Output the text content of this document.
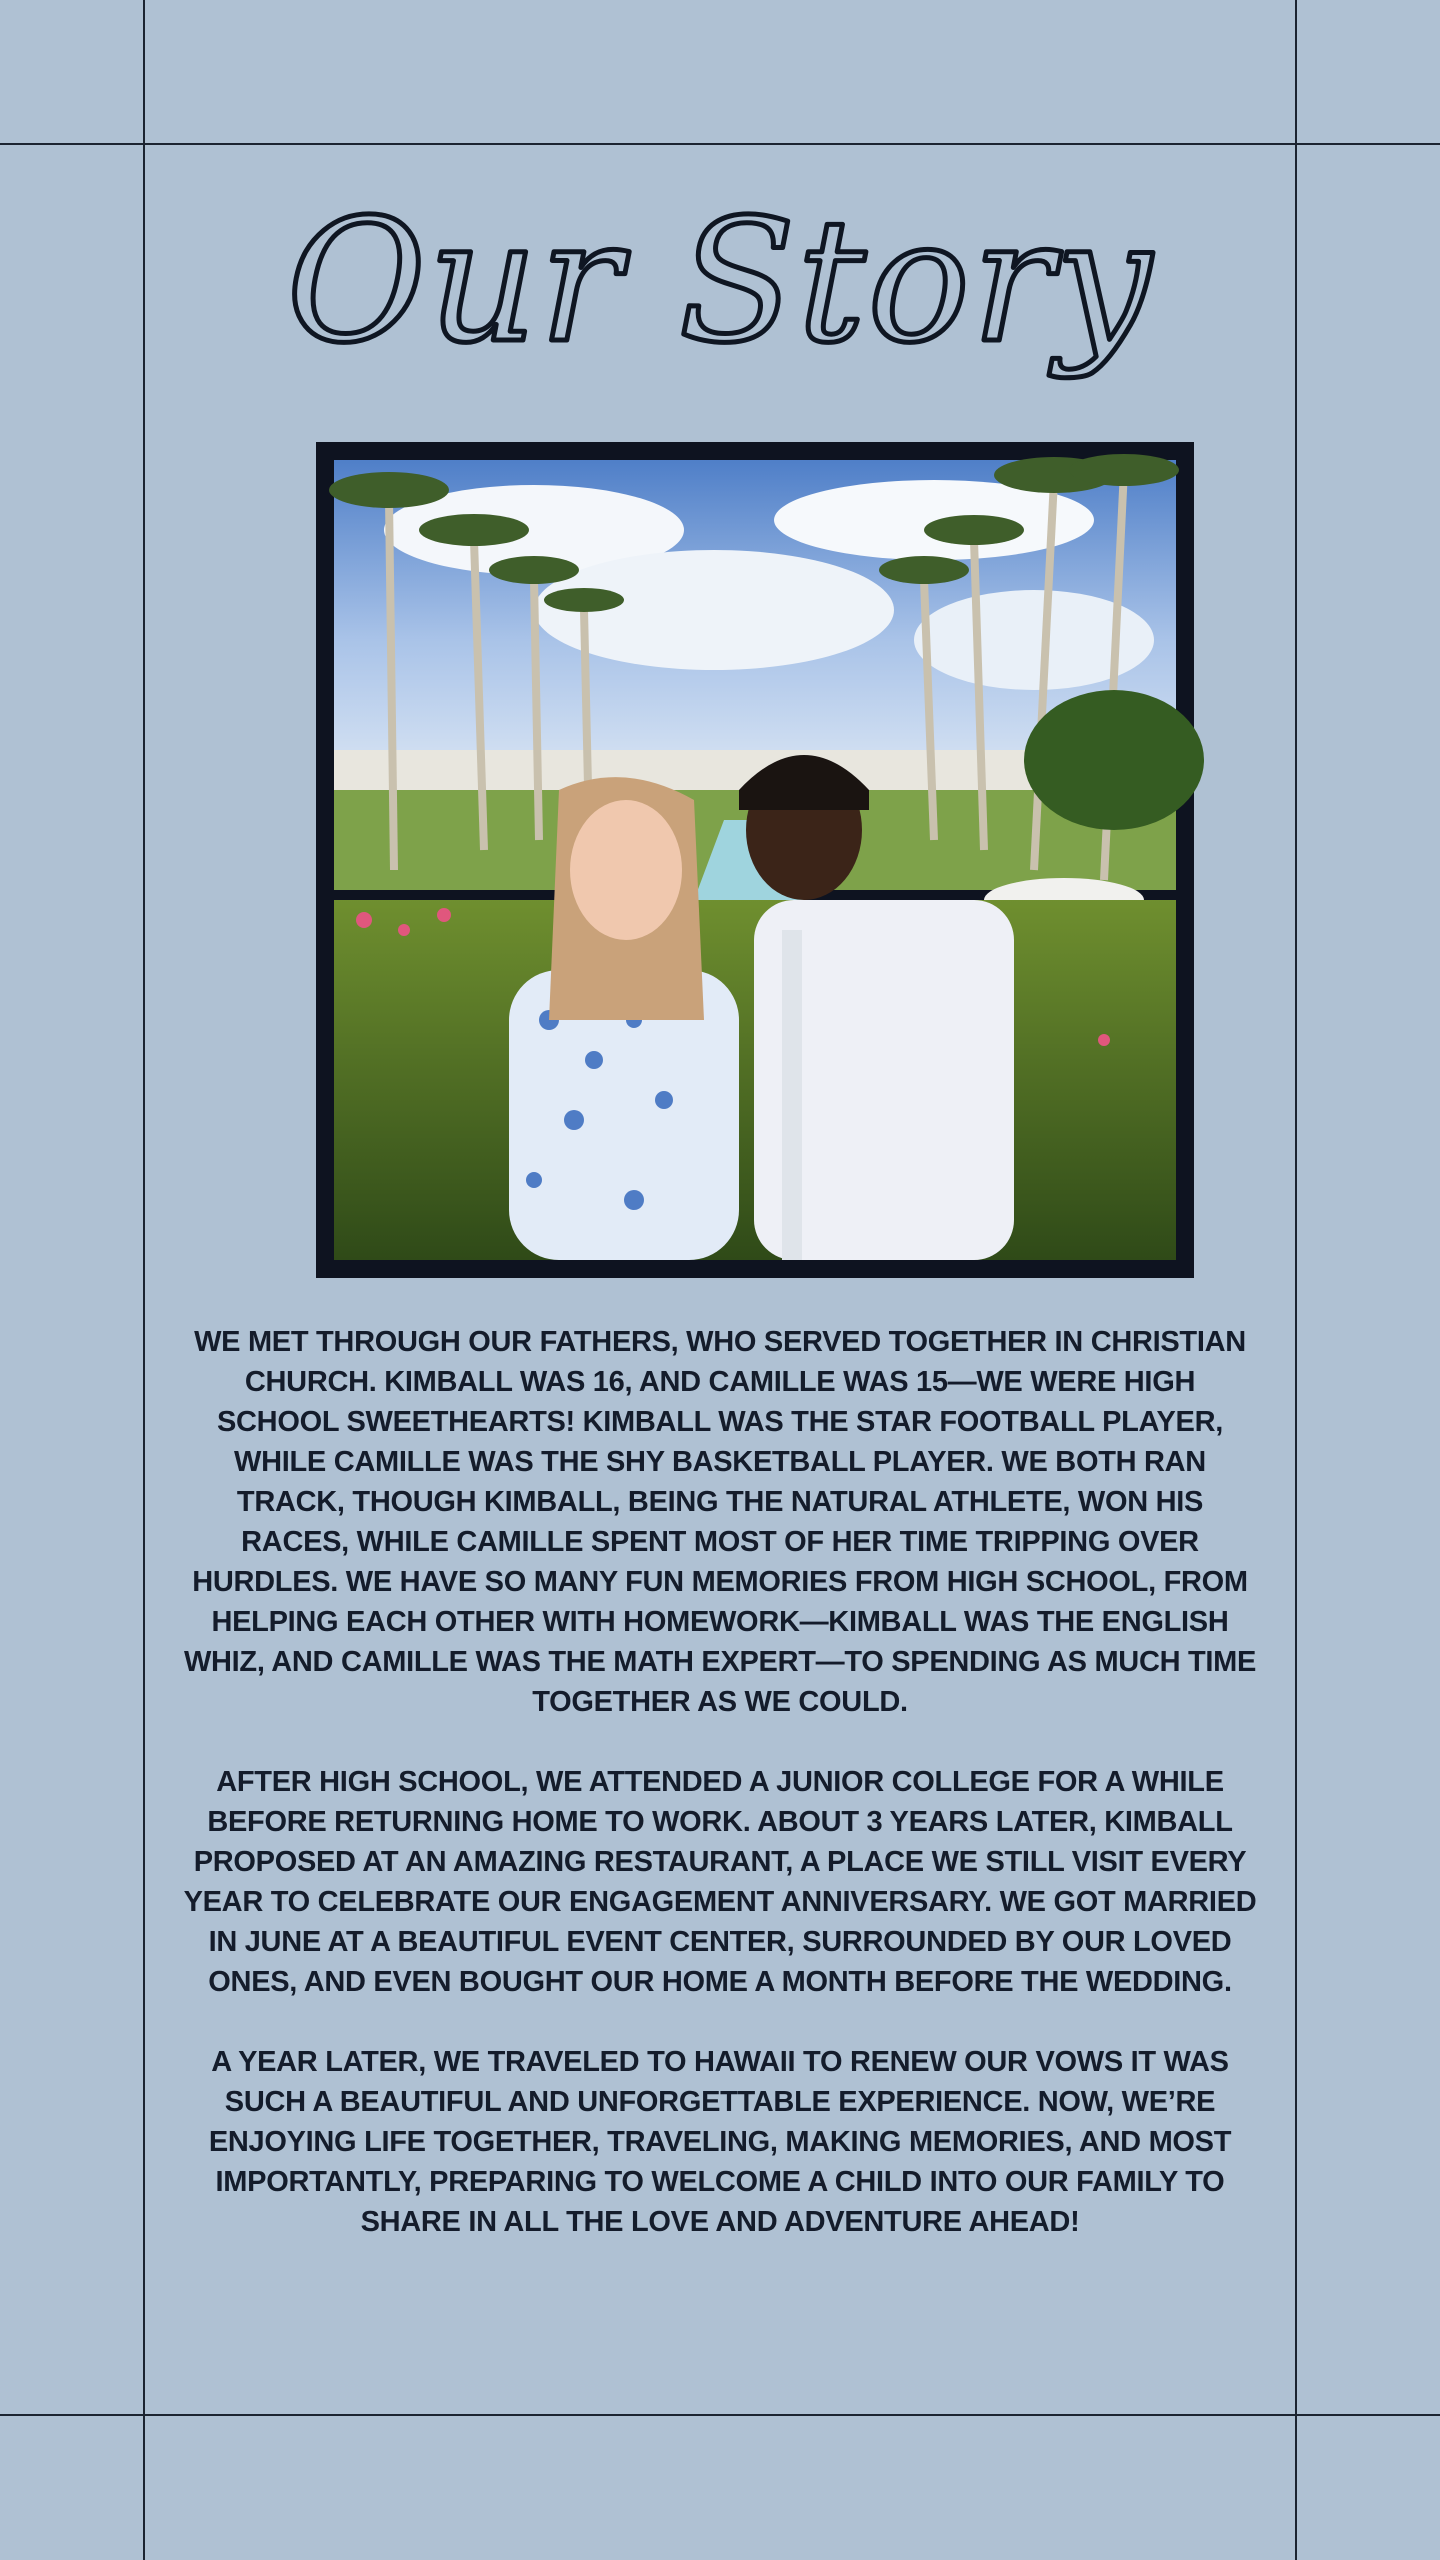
Our Story

WE MET THROUGH OUR FATHERS, WHO SERVED TOGETHER IN CHRISTIAN CHURCH. KIMBALL WAS 16, AND CAMILLE WAS 15—WE WERE HIGH SCHOOL SWEETHEARTS! KIMBALL WAS THE STAR FOOTBALL PLAYER, WHILE CAMILLE WAS THE SHY BASKETBALL PLAYER. WE BOTH RAN TRACK, THOUGH KIMBALL, BEING THE NATURAL ATHLETE, WON HIS RACES, WHILE CAMILLE SPENT MOST OF HER TIME TRIPPING OVER HURDLES. WE HAVE SO MANY FUN MEMORIES FROM HIGH SCHOOL, FROM HELPING EACH OTHER WITH HOMEWORK—KIMBALL WAS THE ENGLISH WHIZ, AND CAMILLE WAS THE MATH EXPERT—TO SPENDING AS MUCH TIME TOGETHER AS WE COULD.

AFTER HIGH SCHOOL, WE ATTENDED A JUNIOR COLLEGE FOR A WHILE BEFORE RETURNING HOME TO WORK. ABOUT 3 YEARS LATER, KIMBALL PROPOSED AT AN AMAZING RESTAURANT, A PLACE WE STILL VISIT EVERY YEAR TO CELEBRATE OUR ENGAGEMENT ANNIVERSARY. WE GOT MARRIED IN JUNE AT A BEAUTIFUL EVENT CENTER, SURROUNDED BY OUR LOVED ONES, AND EVEN BOUGHT OUR HOME A MONTH BEFORE THE WEDDING.

A YEAR LATER, WE TRAVELED TO HAWAII TO RENEW OUR VOWS IT WAS SUCH A BEAUTIFUL AND UNFORGETTABLE EXPERIENCE. NOW, WE’RE ENJOYING LIFE TOGETHER, TRAVELING, MAKING MEMORIES, AND MOST IMPORTANTLY, PREPARING TO WELCOME A CHILD INTO OUR FAMILY TO SHARE IN ALL THE LOVE AND ADVENTURE AHEAD!
